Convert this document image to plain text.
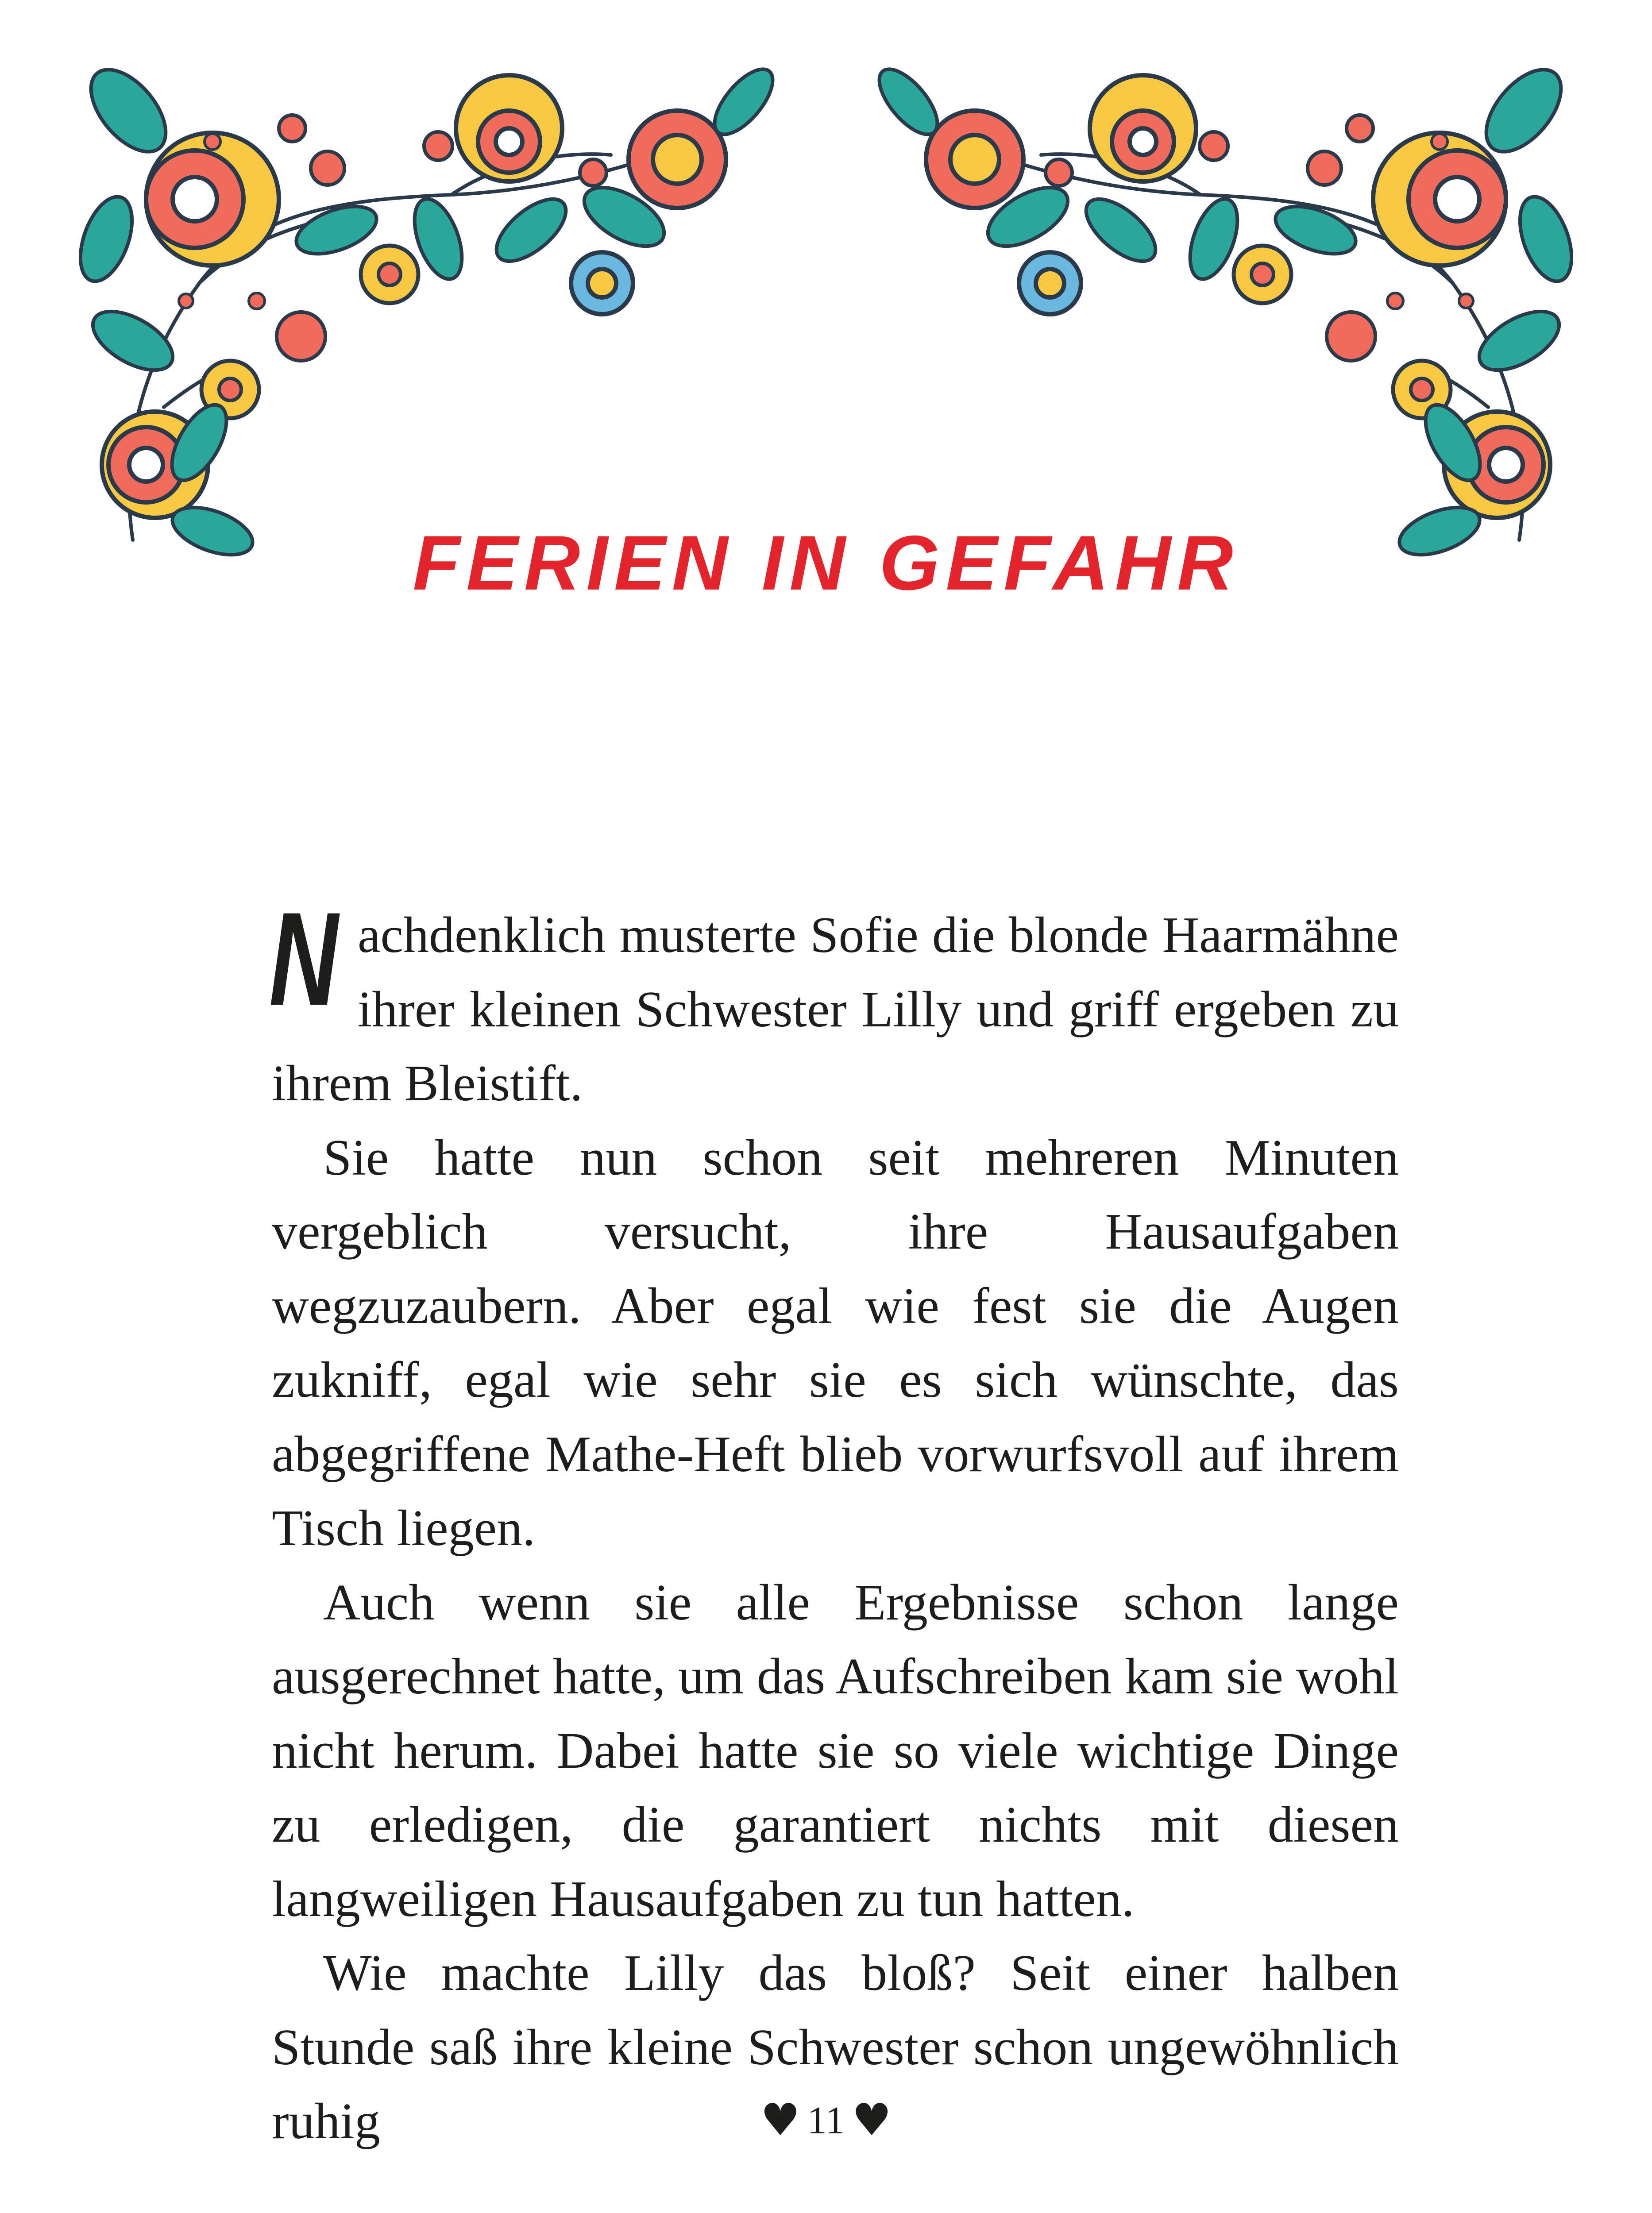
FERIEN IN GEFAHR

Nachdenklich musterte Sofie die blonde Haarmähne ihrer kleinen Schwester Lilly und griff ergeben zu ihrem Bleistift.

Sie hatte nun schon seit mehreren Minuten vergeblich versucht, ihre Hausaufgaben wegzuzaubern. Aber egal wie fest sie die Augen zukniff, egal wie sehr sie es sich wünschte, das abgegriffene Mathe-Heft blieb vorwurfsvoll auf ihrem Tisch liegen.

Auch wenn sie alle Ergebnisse schon lange ausgerechnet hatte, um das Aufschreiben kam sie wohl nicht herum. Dabei hatte sie so viele wichtige Dinge zu erledigen, die garantiert nichts mit diesen langweiligen Hausaufgaben zu tun hatten.

Wie machte Lilly das bloß? Seit einer halben Stunde saß ihre kleine Schwester schon ungewöhnlich ruhig	♥ 11 ♥
